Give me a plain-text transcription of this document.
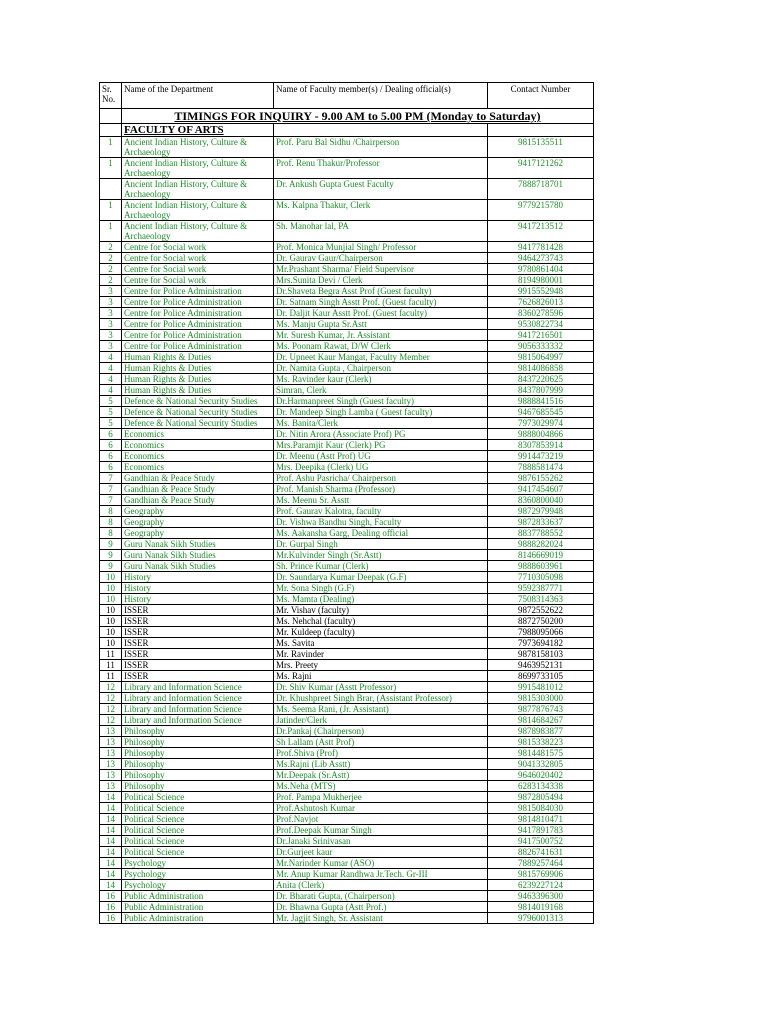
Sr. No.	Name of the Department	Name of Faculty member(s) / Dealing official(s)	Contact Number
	TIMINGS FOR INQUIRY - 9.00 AM to 5.00 PM (Monday to Saturday)		
	FACULTY OF ARTS		
1	Ancient Indian History, Culture & Archaeology	Prof. Paru Bal Sidhu /Chairperson	9815135511
1	Ancient Indian History, Culture & Archaeology	Prof. Renu Thakur/Professor	9417121262
	Ancient Indian History, Culture & Archaeology	Dr. Ankush Gupta Guest Faculty	7888718701
1	Ancient Indian History, Culture & Archaeology	Ms. Kalpna Thakur, Clerk	9779215780
1	Ancient Indian History, Culture & Archaeology	Sh. Manohar lal, PA	9417213512
2	Centre for Social work	Prof. Monica Munjial Singh/ Professor	9417781428
2	Centre for Social work	Dr. Gaurav Gaur/Chairperson	9464273743
2	Centre for Social work	Mr.Prashant Sharma/ Field Supervisor	9780861404
2	Centre for Social work	Mrs.Sunita Devi / Clerk	8194980001
3	Centre for Police Administration	Dr.Shaveta Begra Asst Prof (Guest faculty)	9915552948
3	Centre for Police Administration	Dr. Satnam Singh Asstt Prof. (Guest faculty)	7626826013
3	Centre for Police Administration	Dr. Daljit Kaur Asstt Prof. (Guest faculty)	8360278596
3	Centre for Police Administration	Ms. Manju Gupta Sr.Astt	9530822734
3	Centre for Police Administration	Mr. Suresh Kumar, Jr. Assistant	9417216501
3	Centre for Police Administration	Ms. Poonam Rawat, D/W Clerk	9056333332
4	Human Rights & Duties	Dr. Upneet Kaur Mangat, Faculty Member	9815064997
4	Human Rights & Duties	Dr. Namita Gupta , Chairperson	9814086858
4	Human Rights & Duties	Ms. Ravinder kaur (Clerk)	8437220625
4	Human Rights & Duties	Simran, Clerk	8437807999
5	Defence & National Security Studies	Dr.Harmanpreet Singh (Guest faculty)	9888841516
5	Defence & National Security Studies	Dr. Mandeep Singh Lamba ( Guest faculty)	9467685545
5	Defence & National Security Studies	Ms. Banita/Clerk	7973029974
6	Economics	Dr. Nitin Arora (Associate Prof) PG	9888004866
6	Economics	Mrs.Paramjit Kaur (Clerk) PG	8307853914
6	Economics	Dr. Meenu (Astt Prof) UG	9914473219
6	Economics	Mrs. Deepika (Clerk) UG	7888581474
7	Gandhian & Peace Study	Prof. Ashu Pasricha/ Chairperson	9876155262
7	Gandhian & Peace Study	Prof. Manish Sharma (Professor)	9417454607
7	Gandhian & Peace Study	Ms. Meenu Sr. Asstt	8360800040
8	Geography	Prof. Gaurav Kalotra, faculty	9872979948
8	Geography	Dr. Vishwa Bandhu Singh, Faculty	9872833637
8	Geography	Ms. Aakansha Garg, Dealing official	8837788552
9	Guru Nanak Sikh Studies	Dr. Gurpal Singh	9888282024
9	Guru Nanak Sikh Studies	Mr.Kulvinder Singh (Sr.Astt)	8146669019
9	Guru Nanak Sikh Studies	Sh. Prince Kumar (Clerk)	9888603961
10	History	Dr. Saundarya Kumar Deepak (G.F)	7710305098
10	History	Mr. Sona Singh (G.F)	9592387771
10	History	Ms. Mamta (Dealing)	7508314363
10	ISSER	Mr. Vishav (faculty)	9872552622
10	ISSER	Ms. Nehchal (faculty)	8872750200
10	ISSER	Mr. Kuldeep (faculty)	7988095066
10	ISSER	Ms. Savita	7973694182
11	ISSER	Mr. Ravinder	9878158103
11	ISSER	Mrs. Preety	9463952131
11	ISSER	Ms. Rajni	8699733105
12	Library and Information Science	Dr. Shiv Kumar (Asstt Professor)	9915481012
12	Library and Information Science	Dr. Khushpreet Singh Brar, (Assistant Professor)	9815303000
12	Library and Information Science	Ms. Seema Rani, (Jr. Assistant)	9877876743
12	Library and Information Science	Jatinder/Clerk	9814684267
13	Philosophy	Dr.Pankaj (Chairperson)	9878983877
13	Philosophy	Sh Lallam (Astt Prof)	9815338223
13	Philosophy	Prof.Shiva (Prof)	9814481575
13	Philosophy	Ms.Rajni (Lib Asstt)	9041332805
13	Philosophy	Mr.Deepak (Sr.Astt)	9646020402
13	Philosophy	Ms.Neha (MTS)	6283134338
14	Political Science	Prof. Pampa Mukherjee	9872805494
14	Political Science	Prof.Ashutosh Kumar	9815084030
14	Political Science	Prof.Navjot	9814810471
14	Political Science	Prof.Deepak Kumar Singh	9417891783
14	Political Science	Dr.Janaki Srinivasan	9417500752
14	Political Science	Dr.Gurjeet kaur	8826741631
14	Psychology	Mr.Narinder Kumar (ASO)	7889257464
14	Psychology	Mr. Anup Kumar Randhwa Jr.Tech. Gr-III	9815769906
14	Psychology	Anita (Clerk)	6239227124
16	Public Administration	Dr. Bharati Gupta, (Chairperson)	9463396300
16	Public Administration	Dr. Bhawna Gupta (Astt Prof.)	9814019168
16	Public Administration	Mr. Jagjit Singh, Sr. Assistant	9796001313
